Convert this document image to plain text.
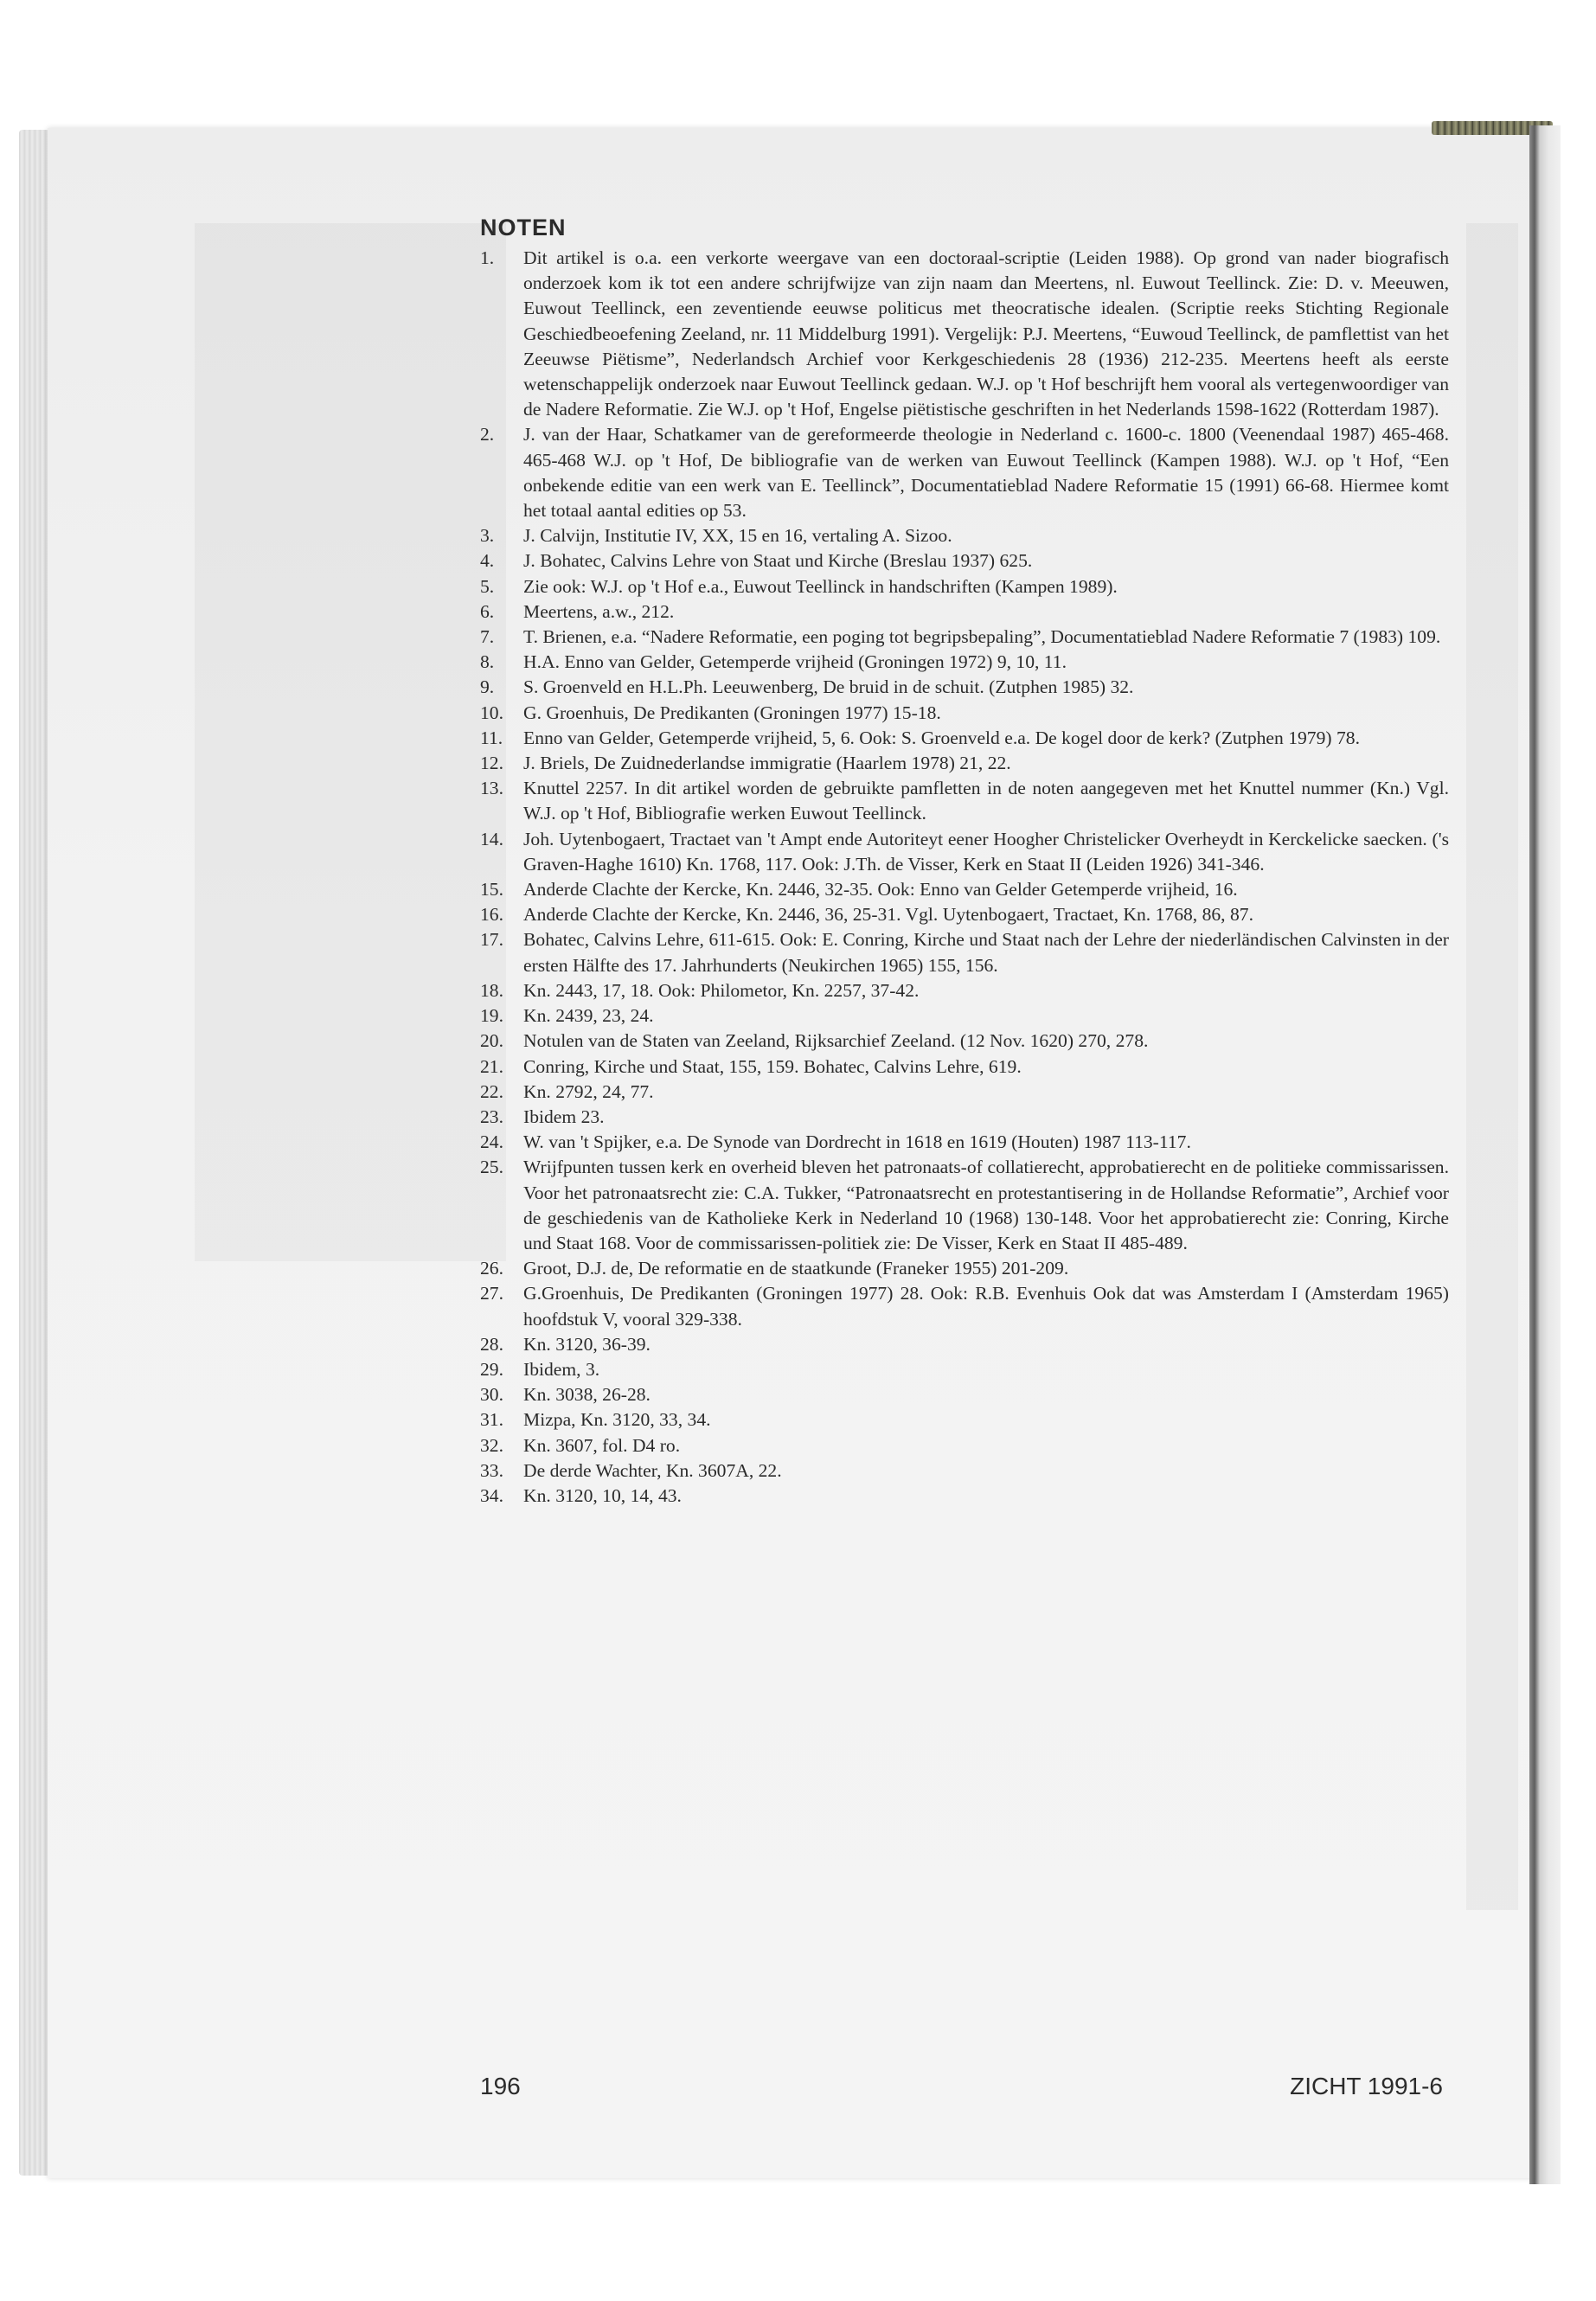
NOTEN
1.	Dit artikel is o.a. een verkorte weergave van een doctoraal-scriptie (Leiden 1988). Op grond van nader biografisch onderzoek kom ik tot een andere schrijfwijze van zijn naam dan Meertens, nl. Euwout Teellinck. Zie: D. v. Meeuwen, Euwout Teellinck, een zeventiende eeuwse politicus met theocratische idealen. (Scriptie reeks Stichting Regionale Geschiedbeoefening Zeeland, nr. 11 Middelburg 1991). Vergelijk: P.J. Meertens, “Euwoud Teellinck, de pamflettist van het Zeeuwse Piëtisme”, Nederlandsch Archief voor Kerkgeschiedenis 28 (1936) 212-235. Meertens heeft als eerste wetenschappelijk onderzoek naar Euwout Teellinck gedaan. W.J. op 't Hof beschrijft hem vooral als vertegenwoordiger van de Nadere Reformatie. Zie W.J. op 't Hof, Engelse piëtistische geschriften in het Nederlands 1598-1622 (Rotterdam 1987).
2.	J. van der Haar, Schatkamer van de gereformeerde theologie in Nederland c. 1600-c. 1800 (Veenendaal 1987) 465-468. 465-468 W.J. op 't Hof, De bibliografie van de werken van Euwout Teellinck (Kampen 1988). W.J. op 't Hof, “Een onbekende editie van een werk van E. Teellinck”, Documentatieblad Nadere Reformatie 15 (1991) 66-68. Hiermee komt het totaal aantal edities op 53.
3.	J. Calvijn, Institutie IV, XX, 15 en 16, vertaling A. Sizoo.
4.	J. Bohatec, Calvins Lehre von Staat und Kirche (Breslau 1937) 625.
5.	Zie ook: W.J. op 't Hof e.a., Euwout Teellinck in handschriften (Kampen 1989).
6.	Meertens, a.w., 212.
7.	T. Brienen, e.a. “Nadere Reformatie, een poging tot begripsbepaling”, Documentatieblad Nadere Reformatie 7 (1983) 109.
8.	H.A. Enno van Gelder, Getemperde vrijheid (Groningen 1972) 9, 10, 11.
9.	S. Groenveld en H.L.Ph. Leeuwenberg, De bruid in de schuit. (Zutphen 1985) 32.
10.	G. Groenhuis, De Predikanten (Groningen 1977) 15-18.
11.	Enno van Gelder, Getemperde vrijheid, 5, 6. Ook: S. Groenveld e.a. De kogel door de kerk? (Zutphen 1979) 78.
12.	J. Briels, De Zuidnederlandse immigratie (Haarlem 1978) 21, 22.
13.	Knuttel 2257. In dit artikel worden de gebruikte pamfletten in de noten aangegeven met het Knuttel nummer (Kn.) Vgl. W.J. op 't Hof, Bibliografie werken Euwout Teellinck.
14.	Joh. Uytenbogaert, Tractaet van 't Ampt ende Autoriteyt eener Hoogher Christelicker Overheydt in Kerckelicke saecken. ('s Graven-Haghe 1610) Kn. 1768, 117. Ook: J.Th. de Visser, Kerk en Staat II (Leiden 1926) 341-346.
15.	Anderde Clachte der Kercke, Kn. 2446, 32-35. Ook: Enno van Gelder Getemperde vrijheid, 16.
16.	Anderde Clachte der Kercke, Kn. 2446, 36, 25-31. Vgl. Uytenbogaert, Tractaet, Kn. 1768, 86, 87.
17.	Bohatec, Calvins Lehre, 611-615. Ook: E. Conring, Kirche und Staat nach der Lehre der niederländischen Calvinsten in der ersten Hälfte des 17. Jahrhunderts (Neukirchen 1965) 155, 156.
18.	Kn. 2443, 17, 18. Ook: Philometor, Kn. 2257, 37-42.
19.	Kn. 2439, 23, 24.
20.	Notulen van de Staten van Zeeland, Rijksarchief Zeeland. (12 Nov. 1620) 270, 278.
21.	Conring, Kirche und Staat, 155, 159. Bohatec, Calvins Lehre, 619.
22.	Kn. 2792, 24, 77.
23.	Ibidem 23.
24.	W. van 't Spijker, e.a. De Synode van Dordrecht in 1618 en 1619 (Houten) 1987 113-117.
25.	Wrijfpunten tussen kerk en overheid bleven het patronaats-of collatierecht, approbatierecht en de politieke commissarissen. Voor het patronaatsrecht zie: C.A. Tukker, “Patronaatsrecht en protestantisering in de Hollandse Reformatie”, Archief voor de geschiedenis van de Katholieke Kerk in Nederland 10 (1968) 130-148. Voor het approbatierecht zie: Conring, Kirche und Staat 168. Voor de commissarissen-politiek zie: De Visser, Kerk en Staat II 485-489.
26.	Groot, D.J. de, De reformatie en de staatkunde (Franeker 1955) 201-209.
27.	G.Groenhuis, De Predikanten (Groningen 1977) 28. Ook: R.B. Evenhuis Ook dat was Amsterdam I (Amsterdam 1965) hoofdstuk V, vooral 329-338.
28.	Kn. 3120, 36-39.
29.	Ibidem, 3.
30.	Kn. 3038, 26-28.
31.	Mizpa, Kn. 3120, 33, 34.
32.	Kn. 3607, fol. D4 ro.
33.	De derde Wachter, Kn. 3607A, 22.
34.	Kn. 3120, 10, 14, 43.
196	ZICHT 1991-6
